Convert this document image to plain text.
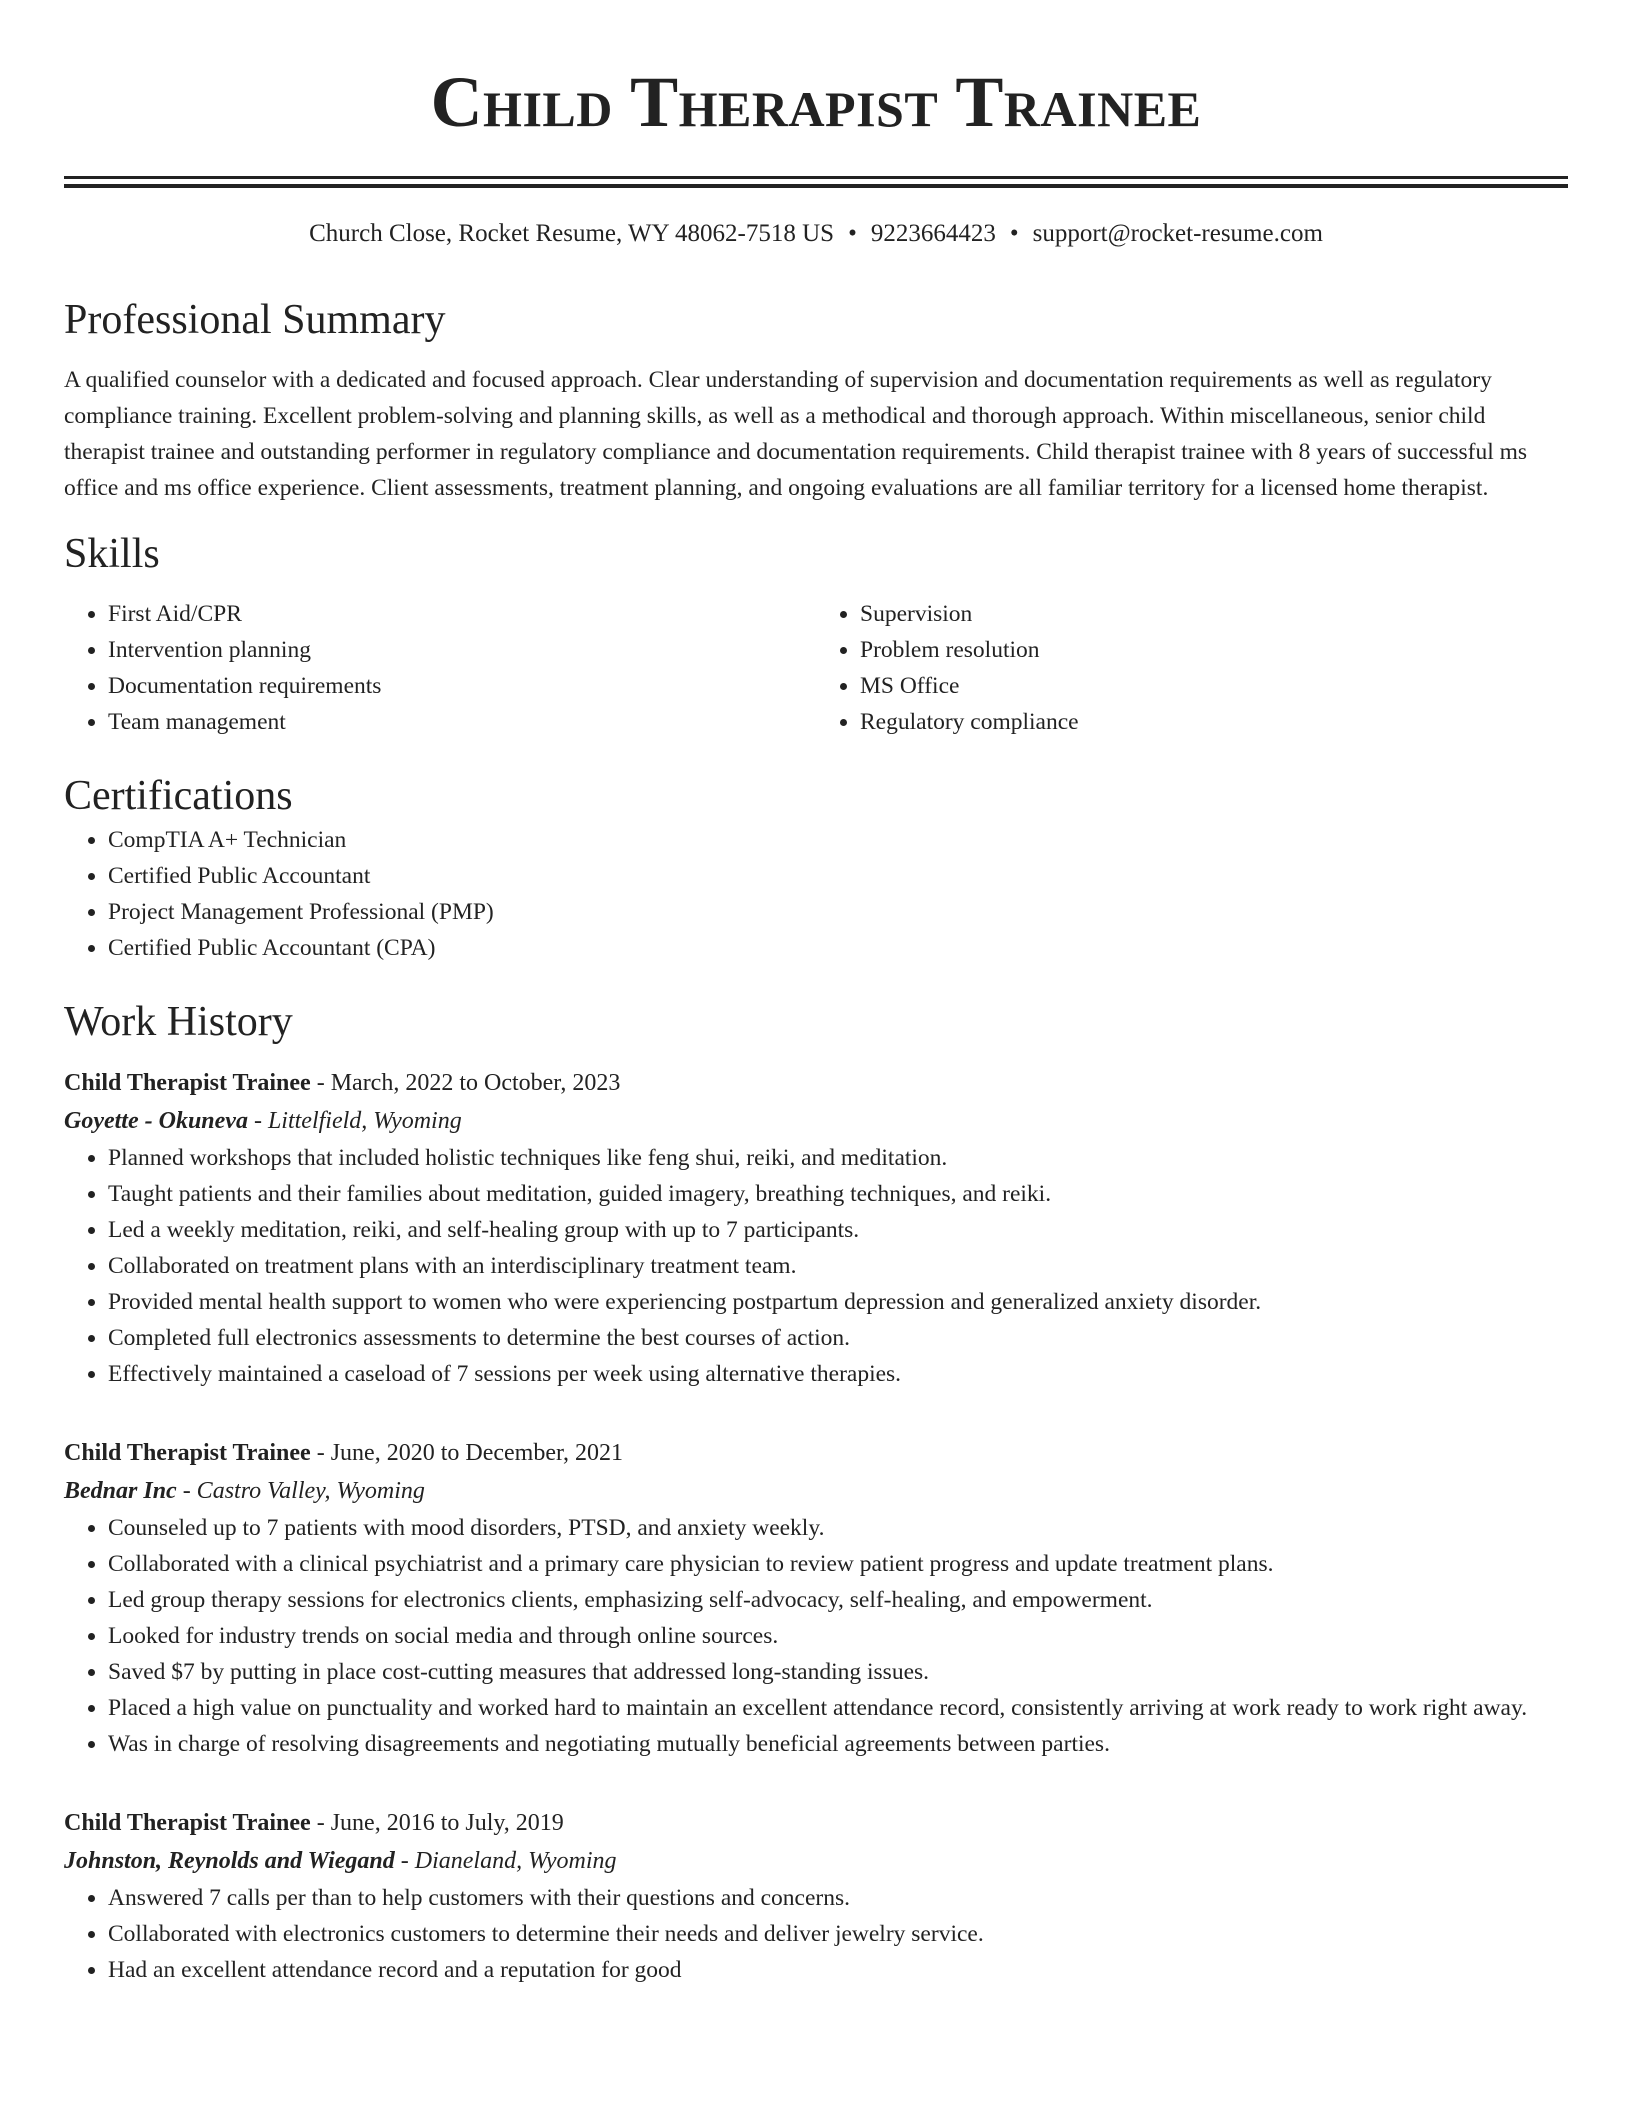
Child Therapist Trainee
Church Close, Rocket Resume, WY 48062-7518 US • 9223664423 • support@rocket-resume.com
Professional Summary

A qualified counselor with a dedicated and focused approach. Clear understanding of supervision and documentation requirements as well as regulatory compliance training. Excellent problem-solving and planning skills, as well as a methodical and thorough approach. Within miscellaneous, senior child therapist trainee and outstanding performer in regulatory compliance and documentation requirements. Child therapist trainee with 8 years of successful ms office and ms office experience. Client assessments, treatment planning, and ongoing evaluations are all familiar territory for a licensed home therapist.

Skills
• First Aid/CPR
• Intervention planning
• Documentation requirements
• Team management
• Supervision
• Problem resolution
• MS Office
• Regulatory compliance
Certifications
• CompTIA A+ Technician
• Certified Public Accountant
• Project Management Professional (PMP)
• Certified Public Accountant (CPA)
Work History
Child Therapist Trainee - March, 2022 to October, 2023
Goyette - Okuneva - Littelfield, Wyoming
• Planned workshops that included holistic techniques like feng shui, reiki, and meditation.
• Taught patients and their families about meditation, guided imagery, breathing techniques, and reiki.
• Led a weekly meditation, reiki, and self-healing group with up to 7 participants.
• Collaborated on treatment plans with an interdisciplinary treatment team.
• Provided mental health support to women who were experiencing postpartum depression and generalized anxiety disorder.
• Completed full electronics assessments to determine the best courses of action.
• Effectively maintained a caseload of 7 sessions per week using alternative therapies.
Child Therapist Trainee - June, 2020 to December, 2021
Bednar Inc - Castro Valley, Wyoming
• Counseled up to 7 patients with mood disorders, PTSD, and anxiety weekly.
• Collaborated with a clinical psychiatrist and a primary care physician to review patient progress and update treatment plans.
• Led group therapy sessions for electronics clients, emphasizing self-advocacy, self-healing, and empowerment.
• Looked for industry trends on social media and through online sources.
• Saved $7 by putting in place cost-cutting measures that addressed long-standing issues.
• Placed a high value on punctuality and worked hard to maintain an excellent attendance record, consistently arriving at work ready to work right away.
• Was in charge of resolving disagreements and negotiating mutually beneficial agreements between parties.
Child Therapist Trainee - June, 2016 to July, 2019
Johnston, Reynolds and Wiegand - Dianeland, Wyoming
• Answered 7 calls per than to help customers with their questions and concerns.
• Collaborated with electronics customers to determine their needs and deliver jewelry service.
• Had an excellent attendance record and a reputation for good
